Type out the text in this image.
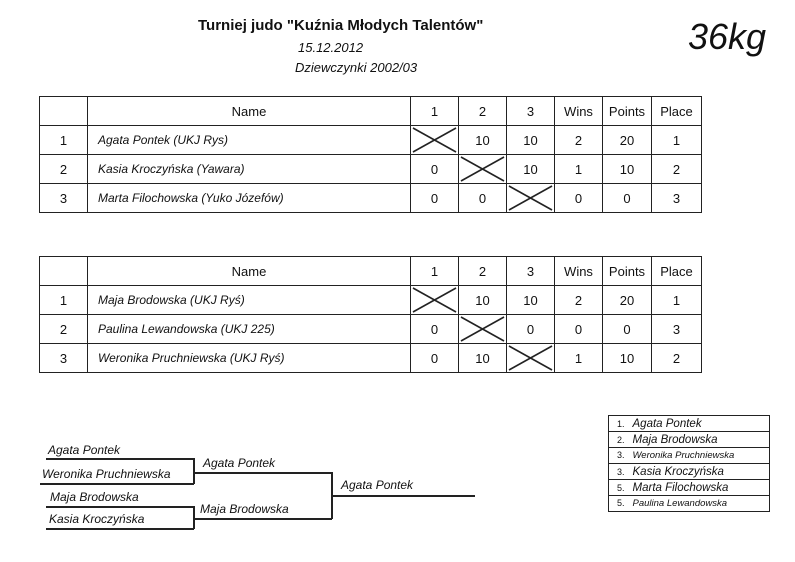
Turniej judo "Kuźnia Młodych Talentów"
15.12.2012
Dziewczynki 2002/03
36kg
	Name	1	2	3	Wins	Points	Place
1	Agata Pontek (UKJ Rys)		10	10	2	20	1
2	Kasia Kroczyńska (Yawara)	0		10	1	10	2
3	Marta Filochowska (Yuko Józefów)	0	0		0	0	3
	Name	1	2	3	Wins	Points	Place
1	Maja Brodowska (UKJ Ryś)		10	10	2	20	1
2	Paulina Lewandowska (UKJ 225)	0		0	0	0	3
3	Weronika Pruchniewska (UKJ Ryś)	0	10		1	10	2
Agata Pontek
Weronika Pruchniewska
Agata Pontek
Maja Brodowska
Kasia Kroczyńska
Maja Brodowska
Agata Pontek
1. Agata Pontek
2. Maja Brodowska
3. Weronika Pruchniewska
3. Kasia Kroczyńska
5. Marta Filochowska
5. Paulina Lewandowska
